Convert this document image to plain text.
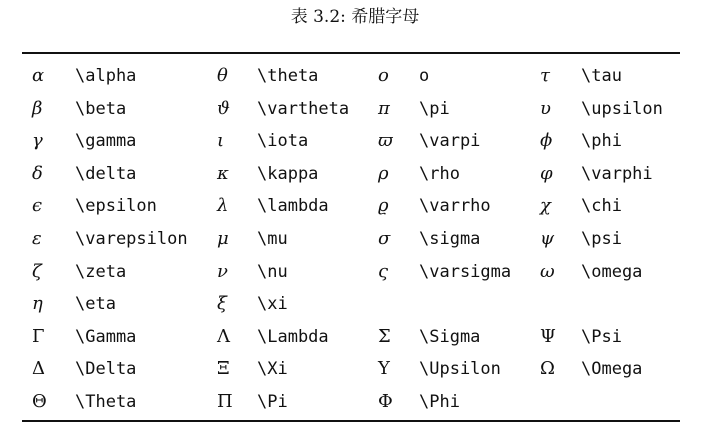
表 3.2: 希腊字母
α \alpha	θ \theta	o o	τ \tau
β \beta	ϑ \vartheta π \pi	υ \upsilon
γ \gamma	ι \iota	ϖ \varpi	ϕ \phi
δ \delta	κ \kappa	ρ \rho	φ \varphi
ϵ \epsilon	λ \lambda	ϱ \varrho	χ \chi
ε \varepsilon μ \mu	σ \sigma	ψ \psi
ζ \zeta	ν \nu	ς \varsigma ω \omega
η \eta	ξ \xi
Γ \Gamma	Λ \Lambda	Σ \Sigma	Ψ \Psi
Δ \Delta	Ξ \Xi	Υ \Upsilon Ω \Omega
Θ \Theta	Π \Pi	Φ \Phi
